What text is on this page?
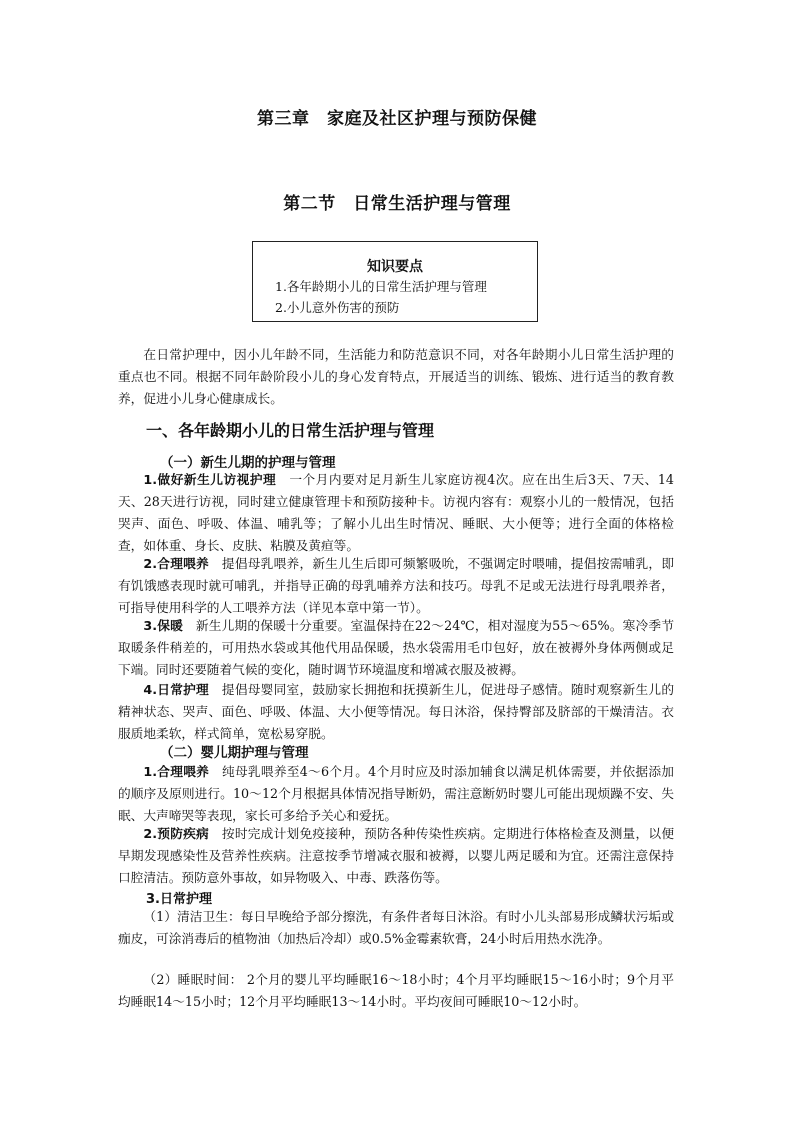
第三章　家庭及社区护理与预防保健
第二节　日常生活护理与管理
知识要点
1.各年龄期小儿的日常生活护理与管理
2.小儿意外伤害的预防

在日常护理中，因小儿年龄不同，生活能力和防范意识不同，对各年龄期小儿日常生活护理的重点也不同。根据不同年龄阶段小儿的身心发育特点，开展适当的训练、锻炼、进行适当的教育教养，促进小儿身心健康成长。

一、各年龄期小儿的日常生活护理与管理
（一）新生儿期的护理与管理

1.做好新生儿访视护理　一个月内要对足月新生儿家庭访视4次。应在出生后3天、7天、14天、28天进行访视，同时建立健康管理卡和预防接种卡。访视内容有：观察小儿的一般情况，包括哭声、面色、呼吸、体温、哺乳等；了解小儿出生时情况、睡眠、大小便等；进行全面的体格检查，如体重、身长、皮肤、粘膜及黄疸等。

2.合理喂养　提倡母乳喂养，新生儿生后即可频繁吸吮，不强调定时喂哺，提倡按需哺乳，即有饥饿感表现时就可哺乳，并指导正确的母乳哺养方法和技巧。母乳不足或无法进行母乳喂养者，可指导使用科学的人工喂养方法（详见本章中第一节）。

3.保暖　新生儿期的保暖十分重要。室温保持在22～24℃，相对湿度为55～65%。寒冷季节取暖条件稍差的，可用热水袋或其他代用品保暖，热水袋需用毛巾包好，放在被褥外身体两侧或足下端。同时还要随着气候的变化，随时调节环境温度和增减衣服及被褥。

4.日常护理　提倡母婴同室，鼓励家长拥抱和抚摸新生儿，促进母子感情。随时观察新生儿的精神状态、哭声、面色、呼吸、体温、大小便等情况。每日沐浴，保持臀部及脐部的干燥清洁。衣服质地柔软，样式简单，宽松易穿脱。

（二）婴儿期护理与管理

1.合理喂养　纯母乳喂养至4～6个月。4个月时应及时添加辅食以满足机体需要，并依据添加的顺序及原则进行。10～12个月根据具体情况指导断奶，需注意断奶时婴儿可能出现烦躁不安、失眠、大声啼哭等表现，家长可多给予关心和爱抚。

2.预防疾病　按时完成计划免疫接种，预防各种传染性疾病。定期进行体格检查及测量，以便早期发现感染性及营养性疾病。注意按季节增减衣服和被褥，以婴儿两足暖和为宜。还需注意保持口腔清洁。预防意外事故，如异物吸入、中毒、跌落伤等。

3.日常护理

（1）清洁卫生：每日早晚给予部分擦洗，有条件者每日沐浴。有时小儿头部易形成鳞状污垢或痂皮，可涂消毒后的植物油（加热后冷却）或0.5%金霉素软膏，24小时后用热水洗净。

（2）睡眠时间： 2个月的婴儿平均睡眠16～18小时；4个月平均睡眠15～16小时；9个月平均睡眠14～15小时；12个月平均睡眠13～14小时。平均夜间可睡眠10～12小时。
